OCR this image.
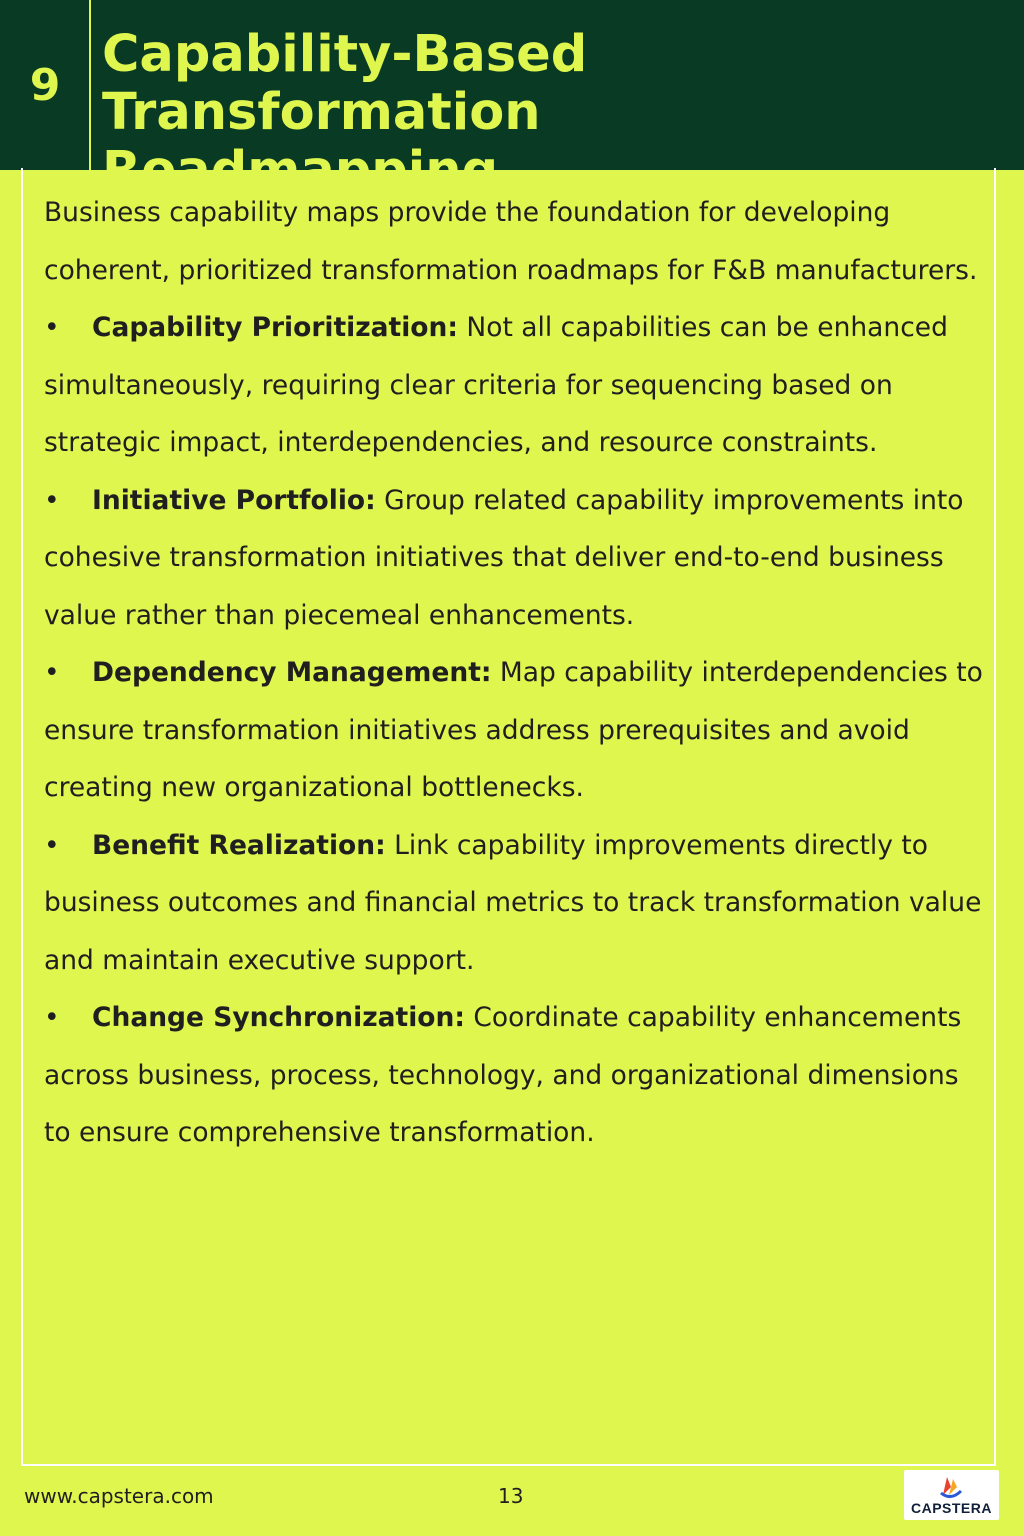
9
Capability-Based Transformation
Roadmapping

Business capability maps provide the foundation for developing coherent, prioritized transformation roadmaps for F&B manufacturers.

• Capability Prioritization: Not all capabilities can be enhanced simultaneously, requiring clear criteria for sequencing based on strategic impact, interdependencies, and resource constraints.

• Initiative Portfolio: Group related capability improvements into cohesive transformation initiatives that deliver end-to-end business value rather than piecemeal enhancements.

• Dependency Management: Map capability interdependencies to ensure transformation initiatives address prerequisites and avoid creating new organizational bottlenecks.

• Benefit Realization: Link capability improvements directly to business outcomes and financial metrics to track transformation value and maintain executive support.

• Change Synchronization: Coordinate capability enhancements across business, process, technology, and organizational dimensions to ensure comprehensive transformation.

www.capstera.com	13	CAPSTERA
